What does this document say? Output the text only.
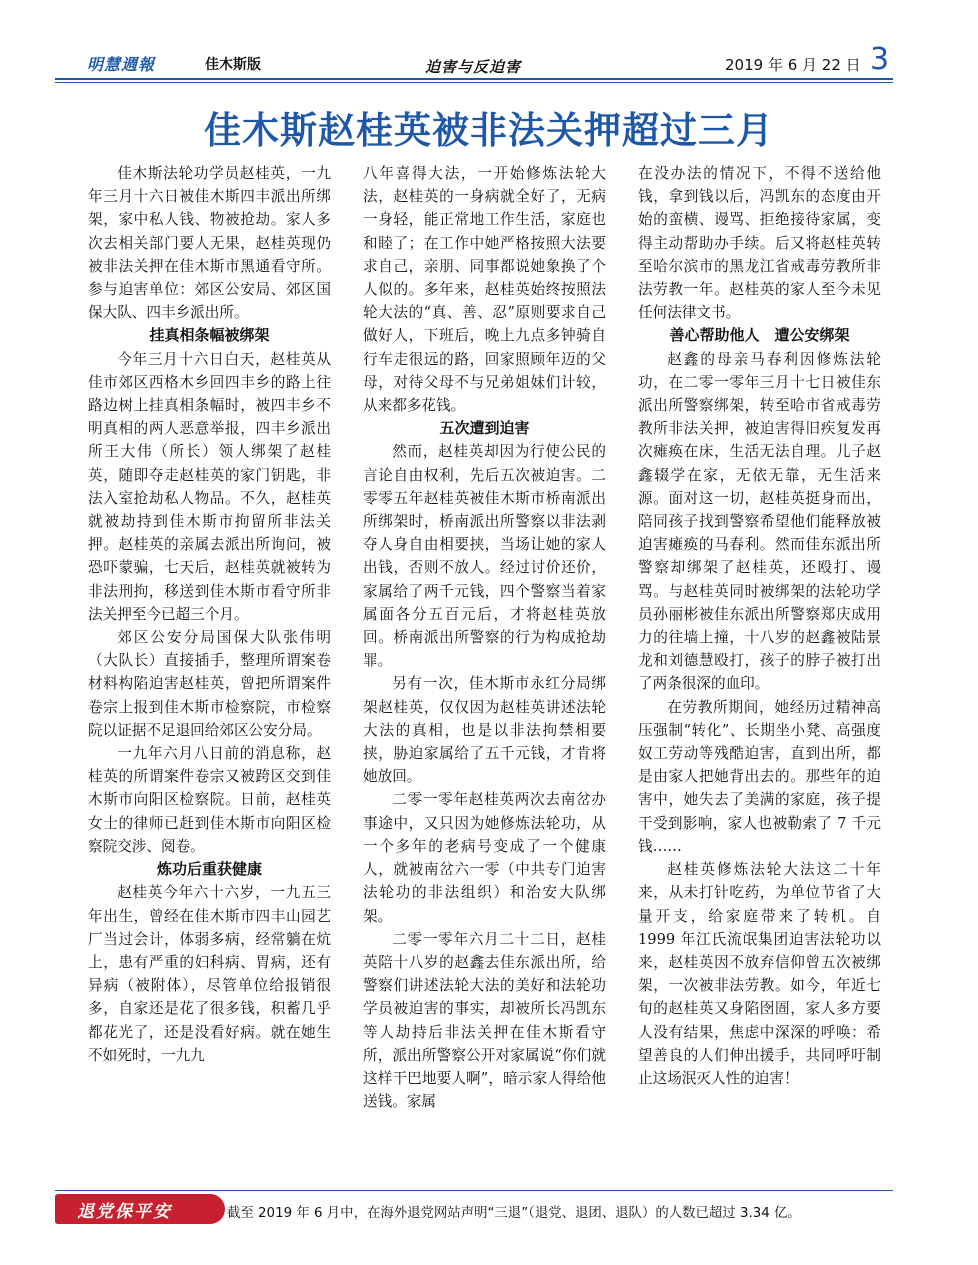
明慧週報	佳木斯版	迫害与反迫害	2019 年 6 月 22 日 3
佳木斯赵桂英被非法关押超过三月

佳木斯法轮功学员赵桂英，一九年三月十六日被佳木斯四丰派出所绑架，家中私人钱、物被抢劫。家人多次去相关部门要人无果，赵桂英现仍被非法关押在佳木斯市黑通看守所。参与迫害单位：郊区公安局、郊区国保大队、四丰乡派出所。

挂真相条幅被绑架

今年三月十六日白天，赵桂英从佳市郊区西格木乡回四丰乡的路上往路边树上挂真相条幅时，被四丰乡不明真相的两人恶意举报，四丰乡派出所王大伟（所长）领人绑架了赵桂英，随即夺走赵桂英的家门钥匙，非法入室抢劫私人物品。不久，赵桂英就被劫持到佳木斯市拘留所非法关押。赵桂英的亲属去派出所询问，被恐吓蒙骗，七天后，赵桂英就被转为非法刑拘，移送到佳木斯市看守所非法关押至今已超三个月。

郊区公安分局国保大队张伟明（大队长）直接插手，整理所谓案卷材料构陷迫害赵桂英，曾把所谓案件卷宗上报到佳木斯市检察院，市检察院以证据不足退回给郊区公安分局。

一九年六月八日前的消息称，赵桂英的所谓案件卷宗又被跨区交到佳木斯市向阳区检察院。日前，赵桂英女士的律师已赶到佳木斯市向阳区检察院交涉、阅卷。

炼功后重获健康

赵桂英今年六十六岁，一九五三年出生，曾经在佳木斯市四丰山园艺厂当过会计，体弱多病，经常躺在炕上，患有严重的妇科病、胃病，还有异病（被附体），尽管单位给报销很多，自家还是花了很多钱，积蓄几乎都花光了，还是没看好病。就在她生不如死时，一九九

八年喜得大法，一开始修炼法轮大法，赵桂英的一身病就全好了，无病一身轻，能正常地工作生活，家庭也和睦了；在工作中她严格按照大法要求自己，亲朋、同事都说她象换了个人似的。多年来，赵桂英始终按照法轮大法的“真、善、忍”原则要求自己做好人，下班后，晚上九点多钟骑自行车走很远的路，回家照顾年迈的父母，对待父母不与兄弟姐妹们计较，从来都多花钱。

五次遭到迫害

然而，赵桂英却因为行使公民的言论自由权利，先后五次被迫害。二零零五年赵桂英被佳木斯市桥南派出所绑架时，桥南派出所警察以非法剥夺人身自由相要挟，当场让她的家人出钱，否则不放人。经过讨价还价，家属给了两千元钱，四个警察当着家属面各分五百元后，才将赵桂英放回。桥南派出所警察的行为构成抢劫罪。

另有一次，佳木斯市永红分局绑架赵桂英，仅仅因为赵桂英讲述法轮大法的真相，也是以非法拘禁相要挟，胁迫家属给了五千元钱，才肯将她放回。

二零一零年赵桂英两次去南岔办事途中，又只因为她修炼法轮功，从一个多年的老病号变成了一个健康人，就被南岔六一零（中共专门迫害法轮功的非法组织）和治安大队绑架。

二零一零年六月二十二日，赵桂英陪十八岁的赵鑫去佳东派出所，给警察们讲述法轮大法的美好和法轮功学员被迫害的事实，却被所长冯凯东等人劫持后非法关押在佳木斯看守所，派出所警察公开对家属说“你们就这样干巴地要人啊”，暗示家人得给他送钱。家属

在没办法的情况下，不得不送给他钱，拿到钱以后，冯凯东的态度由开始的蛮横、谩骂、拒绝接待家属，变得主动帮助办手续。后又将赵桂英转至哈尔滨市的黑龙江省戒毒劳教所非法劳教一年。赵桂英的家人至今未见任何法律文书。

善心帮助他人　遭公安绑架

赵鑫的母亲马春利因修炼法轮功，在二零一零年三月十七日被佳东派出所警察绑架，转至哈市省戒毒劳教所非法关押，被迫害得旧疾复发再次瘫痪在床，生活无法自理。儿子赵鑫辍学在家，无依无靠，无生活来源。面对这一切，赵桂英挺身而出，陪同孩子找到警察希望他们能释放被迫害瘫痪的马春利。然而佳东派出所警察却绑架了赵桂英，还殴打、谩骂。与赵桂英同时被绑架的法轮功学员孙丽彬被佳东派出所警察郑庆成用力的往墙上撞，十八岁的赵鑫被陆景龙和刘德慧殴打，孩子的脖子被打出了两条很深的血印。

在劳教所期间，她经历过精神高压强制“转化”、长期坐小凳、高强度奴工劳动等残酷迫害，直到出所，都是由家人把她背出去的。那些年的迫害中，她失去了美满的家庭，孩子提干受到影响，家人也被勒索了 7 千元钱……

赵桂英修炼法轮大法这二十年来，从未打针吃药，为单位节省了大量开支，给家庭带来了转机。自 1999 年江氏流氓集团迫害法轮功以来，赵桂英因不放弃信仰曾五次被绑架，一次被非法劳教。如今，年近七旬的赵桂英又身陷囹圄，家人多方要人没有结果，焦虑中深深的呼唤：希望善良的人们伸出援手，共同呼吁制止这场泯灭人性的迫害！

退党保平安	截至 2019 年 6 月中，在海外退党网站声明“三退”（退党、退团、退队）的人数已超过 3.34 亿。
